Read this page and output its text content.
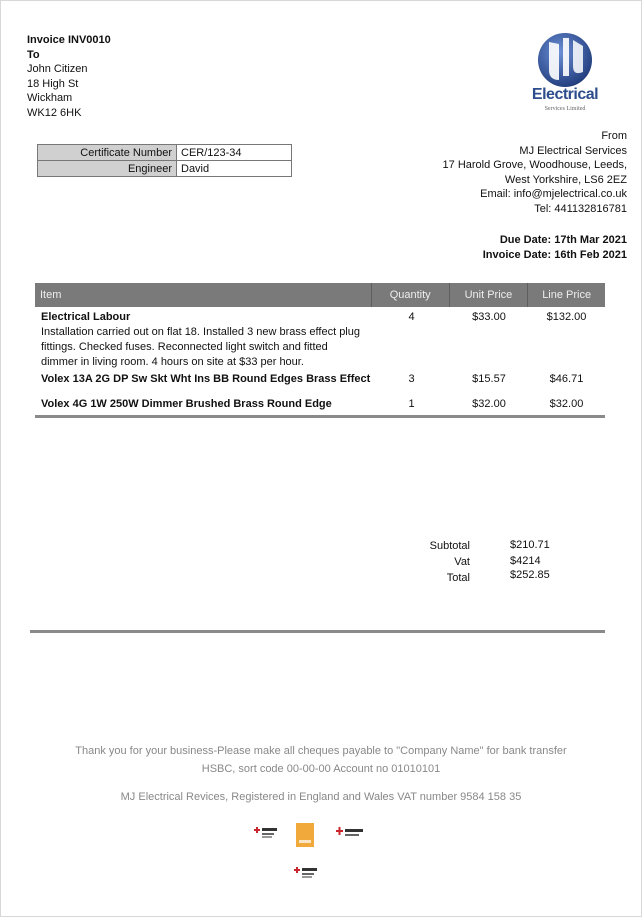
Invoice INV0010
To
John Citizen
18 High St
Wickham
WK12 6HK
Electrical
Services Limited
Certificate Number	CER/123-34
Engineer	David
From
MJ Electrical Services
17 Harold Grove, Woodhouse, Leeds,
West Yorkshire, LS6 2EZ
Email: info@mjelectrical.co.uk
Tel: 441132816781
Due Date: 17th Mar 2021
Invoice Date: 16th Feb 2021
Item	Quantity	Unit Price	Line Price
Electrical Labour
Installation carried out on flat 18. Installed 3 new brass effect plug
fittings. Checked fuses. Reconnected light switch and fitted
dimmer in living room. 4 hours on site at $33 per hour.
4	$33.00	$132.00
Volex 13A 2G DP Sw Skt Wht Ins BB Round Edges Brass Effect	3	$15.57	$46.71
Volex 4G 1W 250W Dimmer Brushed Brass Round Edge	1	$32.00	$32.00
Subtotal	$210.71
Vat	$4214
Total	$252.85
Thank you for your business-Please make all cheques payable to "Company Name" for bank transfer
HSBC, sort code 00-00-00 Account no 01010101
MJ Electrical Revices, Registered in England and Wales VAT number 9584 158 35
